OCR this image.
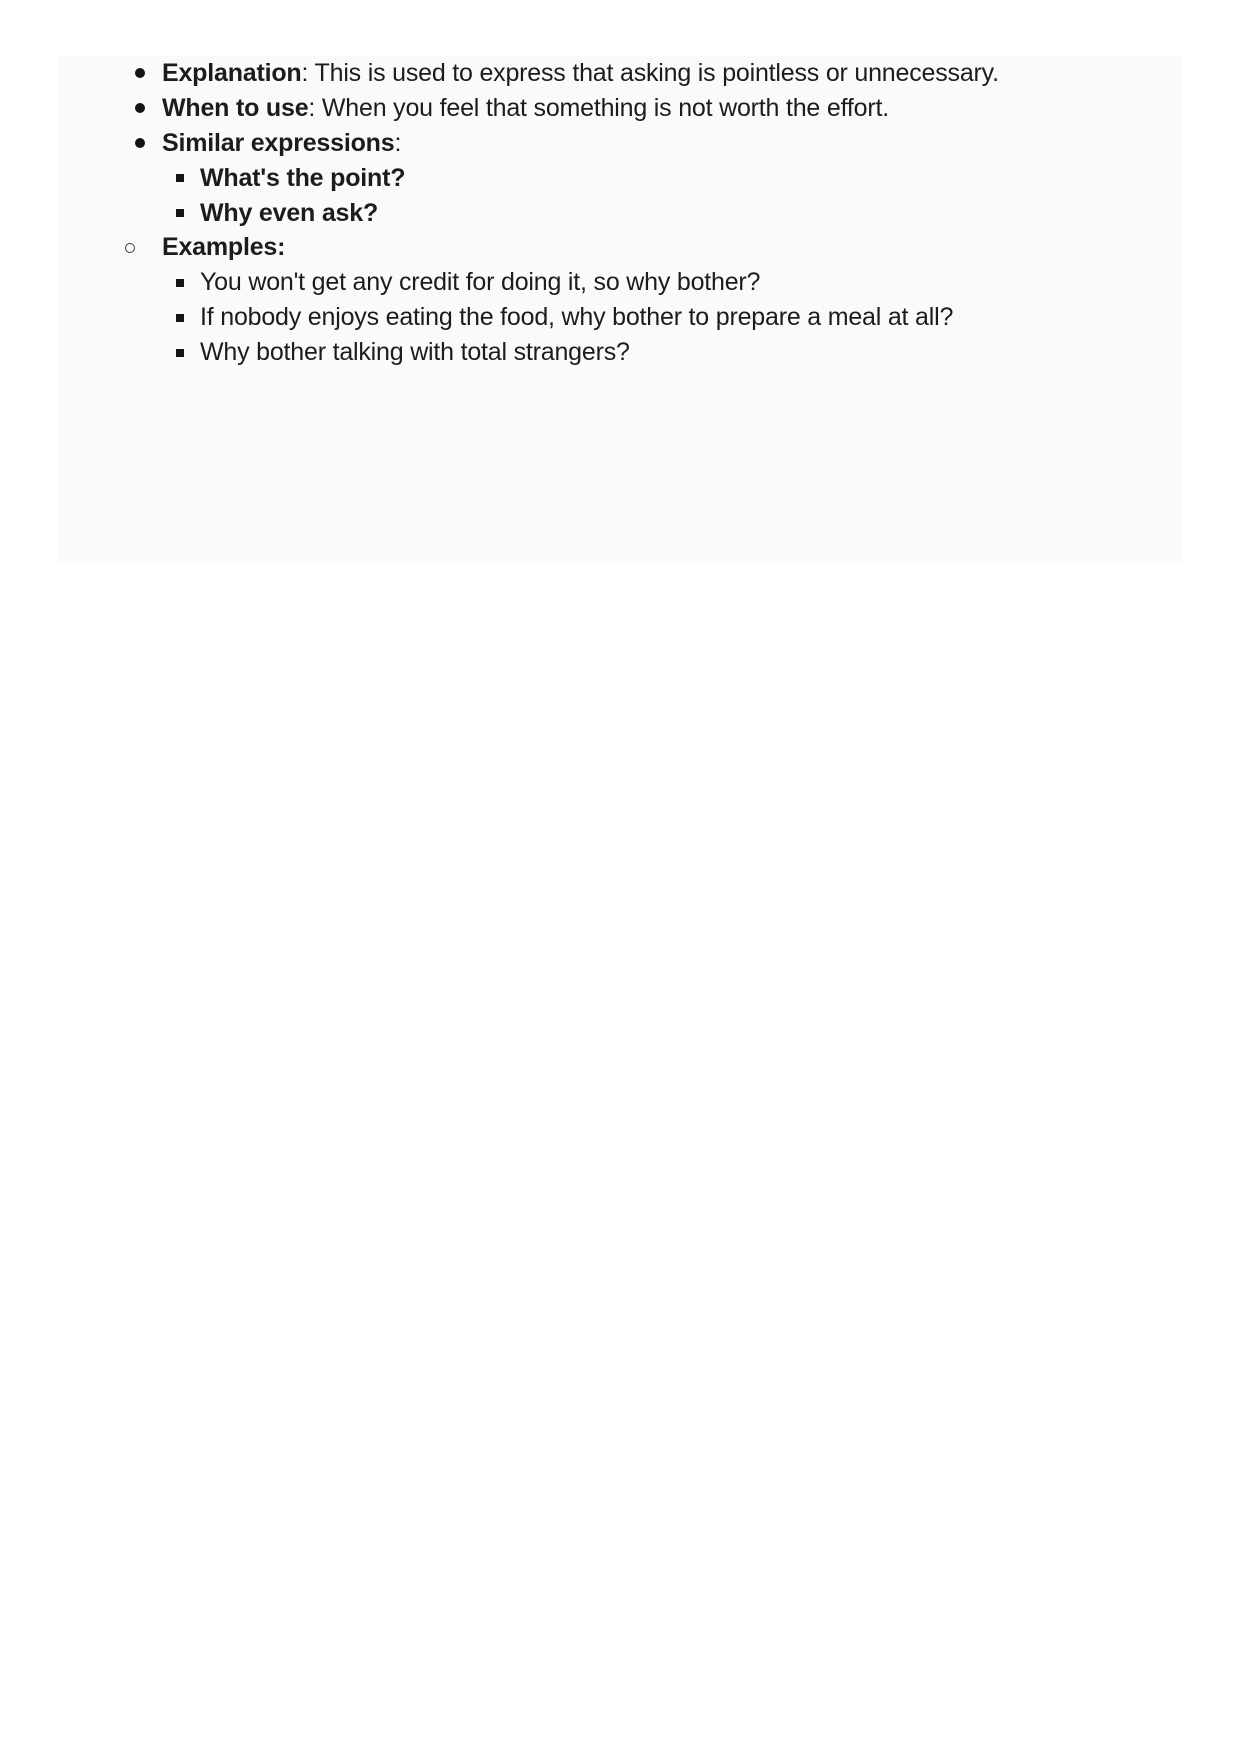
Explanation: This is used to express that asking is pointless or unnecessary.
When to use: When you feel that something is not worth the effort.
Similar expressions:
What's the point?
Why even ask?
Examples:
You won't get any credit for doing it, so why bother?
If nobody enjoys eating the food, why bother to prepare a meal at all?
Why bother talking with total strangers?
